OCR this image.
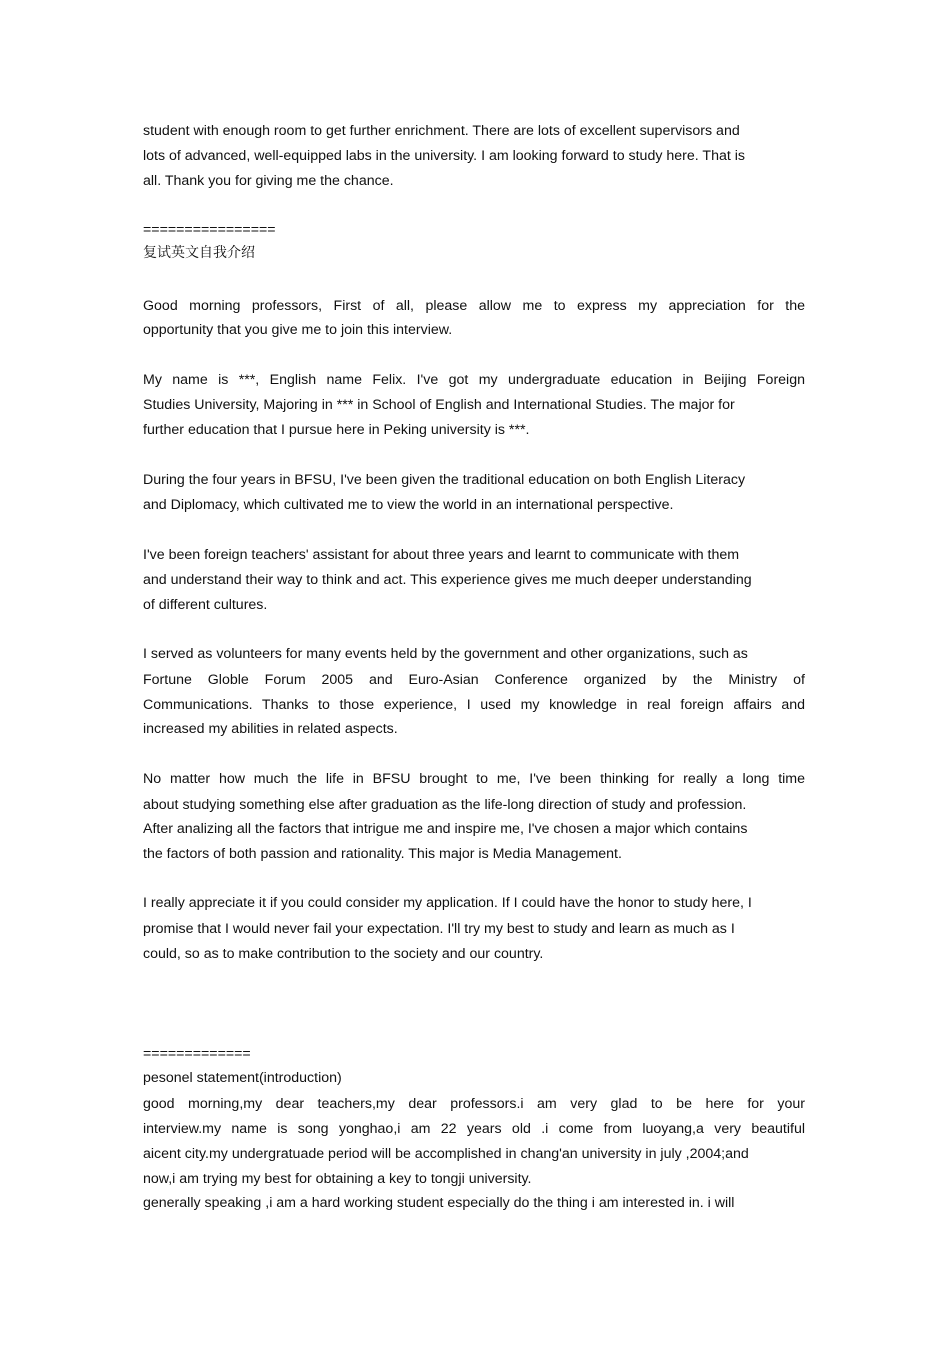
student with enough room to get further enrichment. There are lots of excellent supervisors and

lots of advanced, well-equipped labs in the university. I am looking forward to study here. That is

all. Thank you for giving me the chance.

================

复试英文自我介绍

Good morning professors, First of all, please allow me to express my appreciation for the

opportunity that you give me to join this interview.

My name is ***, English name Felix. I've got my undergraduate education in Beijing Foreign

Studies University, Majoring in *** in School of English and International Studies. The major for

further education that I pursue here in Peking university is ***.

During the four years in BFSU, I've been given the traditional education on both English Literacy

and Diplomacy, which cultivated me to view the world in an international perspective.

I've been foreign teachers' assistant for about three years and learnt to communicate with them

and understand their way to think and act. This experience gives me much deeper understanding

of different cultures.

I served as volunteers for many events held by the government and other organizations, such as

Fortune Globle Forum 2005 and Euro-Asian Conference organized by the Ministry of

Communications. Thanks to those experience, I used my knowledge in real foreign affairs and

increased my abilities in related aspects.

No matter how much the life in BFSU brought to me, I've been thinking for really a long time

about studying something else after graduation as the life-long direction of study and profession.

After analizing all the factors that intrigue me and inspire me, I've chosen a major which contains

the factors of both passion and rationality. This major is Media Management.

I really appreciate it if you could consider my application. If I could have the honor to study here, I

promise that I would never fail your expectation. I'll try my best to study and learn as much as I

could, so as to make contribution to the society and our country.

=============

pesonel statement(introduction)

good morning,my dear teachers,my dear professors.i am very glad to be here for your

interview.my name is song yonghao,i am 22 years old .i come from luoyang,a very beautiful

aicent city.my undergratuade period will be accomplished in chang'an university in july ,2004;and

now,i am trying my best for obtaining a key to tongji university.

generally speaking ,i am a hard working student especially do the thing i am interested in. i will
